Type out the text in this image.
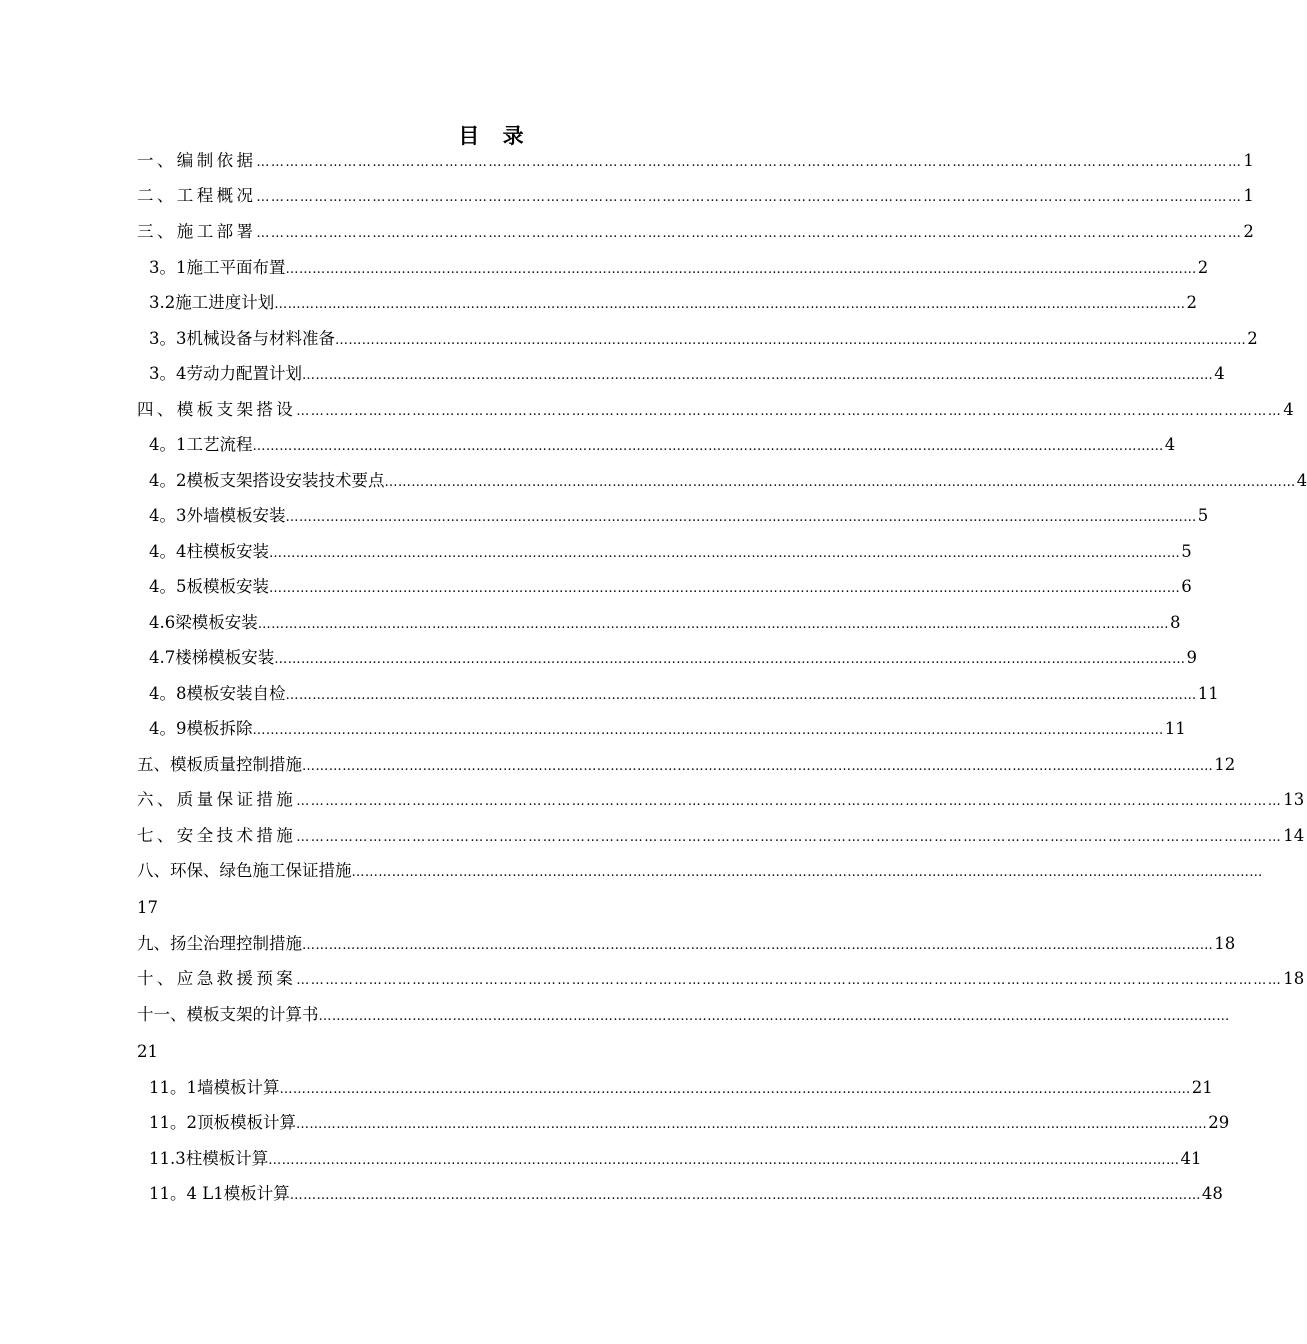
目 录
一、编制依据 …………………………………………………………………………………………………………………………………………………………………………………… 1
二、工程概况 …………………………………………………………………………………………………………………………………………………………………………………… 1
三、施工部署 …………………………………………………………………………………………………………………………………………………………………………………… 2
3。1施工平面布置 …………………………………………………………………………………………………………………………………………………………………………………… 2
3.2施工进度计划 …………………………………………………………………………………………………………………………………………………………………………………… 2
3。3机械设备与材料准备 …………………………………………………………………………………………………………………………………………………………………………………… 2
3。4劳动力配置计划 …………………………………………………………………………………………………………………………………………………………………………………… 4
四、模板支架搭设 …………………………………………………………………………………………………………………………………………………………………………………… 4
4。1工艺流程 …………………………………………………………………………………………………………………………………………………………………………………… 4
4。2模板支架搭设安装技术要点 …………………………………………………………………………………………………………………………………………………………………………………… 4
4。3外墙模板安装 …………………………………………………………………………………………………………………………………………………………………………………… 5
4。4柱模板安装 …………………………………………………………………………………………………………………………………………………………………………………… 5
4。5板模板安装 …………………………………………………………………………………………………………………………………………………………………………………… 6
4.6梁模板安装 …………………………………………………………………………………………………………………………………………………………………………………… 8
4.7楼梯模板安装 …………………………………………………………………………………………………………………………………………………………………………………… 9
4。8模板安装自检 …………………………………………………………………………………………………………………………………………………………………………………… 11
4。9模板拆除 …………………………………………………………………………………………………………………………………………………………………………………… 11
五、模板质量控制措施 …………………………………………………………………………………………………………………………………………………………………………………… 12
六、质量保证措施 …………………………………………………………………………………………………………………………………………………………………………………… 13
七、安全技术措施 …………………………………………………………………………………………………………………………………………………………………………………… 14
八、环保、绿色施工保证措施 ……………………………………………………………………………………………………………………………………………………………………………………
17
九、扬尘治理控制措施 …………………………………………………………………………………………………………………………………………………………………………………… 18
十、应急救援预案 …………………………………………………………………………………………………………………………………………………………………………………… 18
十一、模板支架的计算书 ……………………………………………………………………………………………………………………………………………………………………………………
21
11。1墙模板计算 …………………………………………………………………………………………………………………………………………………………………………………… 21
11。2顶板模板计算 …………………………………………………………………………………………………………………………………………………………………………………… 29
11.3柱模板计算 …………………………………………………………………………………………………………………………………………………………………………………… 41
11。4 L1模板计算 …………………………………………………………………………………………………………………………………………………………………………………… 48
